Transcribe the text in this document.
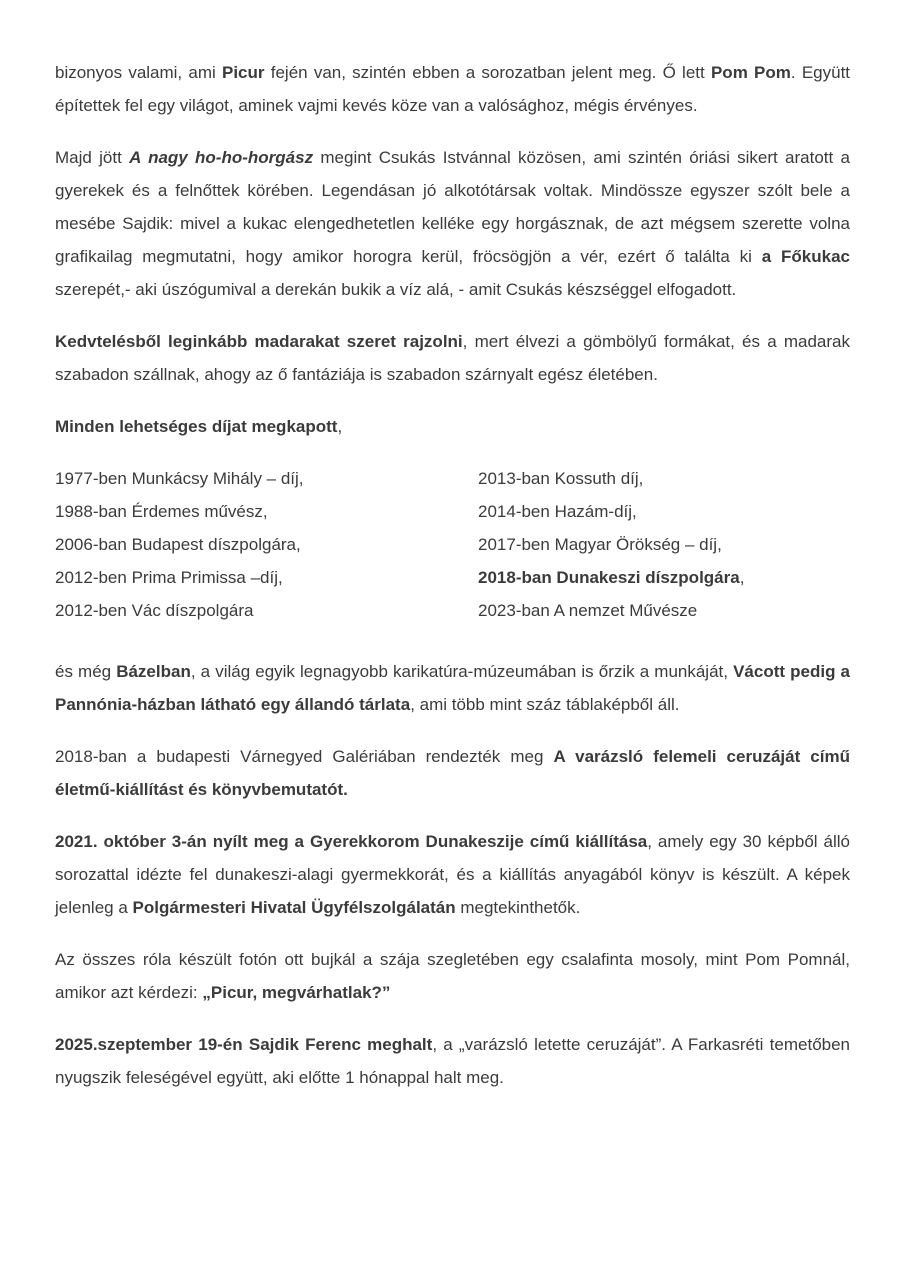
bizonyos valami, ami Picur fején van, szintén ebben a sorozatban jelent meg. Ő lett Pom Pom. Együtt építettek fel egy világot, aminek vajmi kevés köze van a valósághoz, mégis érvényes.

Majd jött A nagy ho-ho-horgász megint Csukás Istvánnal közösen, ami szintén óriási sikert aratott a gyerekek és a felnőttek körében. Legendásan jó alkotótársak voltak. Mindössze egyszer szólt bele a mesébe Sajdik: mivel a kukac elengedhetetlen kelléke egy horgásznak, de azt mégsem szerette volna grafikailag megmutatni, hogy amikor horogra kerül, fröcsögjön a vér, ezért ő találta ki a Főkukac szerepét,- aki úszógumival a derekán bukik a víz alá, - amit Csukás készséggel elfogadott.

Kedvtelésből leginkább madarakat szeret rajzolni, mert élvezi a gömbölyű formákat, és a madarak szabadon szállnak, ahogy az ő fantáziája is szabadon szárnyalt egész életében.

Minden lehetséges díjat megkapott,

1977-ben Munkácsy Mihály – díj,
1988-ban Érdemes művész,
2006-ban Budapest díszpolgára,
2012-ben Prima Primissa –díj,
2012-ben Vác díszpolgára
2013-ban Kossuth díj,
2014-ben Hazám-díj,
2017-ben Magyar Örökség – díj,
2018-ban Dunakeszi díszpolgára,
2023-ban A nemzet Művésze

és még Bázelban, a világ egyik legnagyobb karikatúra-múzeumában is őrzik a munkáját, Vácott pedig a Pannónia-házban látható egy állandó tárlata, ami több mint száz táblaképből áll.

2018-ban a budapesti Várnegyed Galériában rendezték meg A varázsló felemeli ceruzáját című életmű-kiállítást és könyvbemutatót.

2021. október 3-án nyílt meg a Gyerekkorom Dunakeszije című kiállítása, amely egy 30 képből álló sorozattal idézte fel dunakeszi-alagi gyermekkorát, és a kiállítás anyagából könyv is készült. A képek jelenleg a Polgármesteri Hivatal Ügyfélszolgálatán megtekinthetők.

Az összes róla készült fotón ott bujkál a szája szegletében egy csalafinta mosoly, mint Pom Pomnál, amikor azt kérdezi: „Picur, megvárhatlak?”

2025.szeptember 19-én Sajdik Ferenc meghalt, a „varázsló letette ceruzáját”. A Farkasréti temetőben nyugszik feleségével együtt, aki előtte 1 hónappal halt meg.
